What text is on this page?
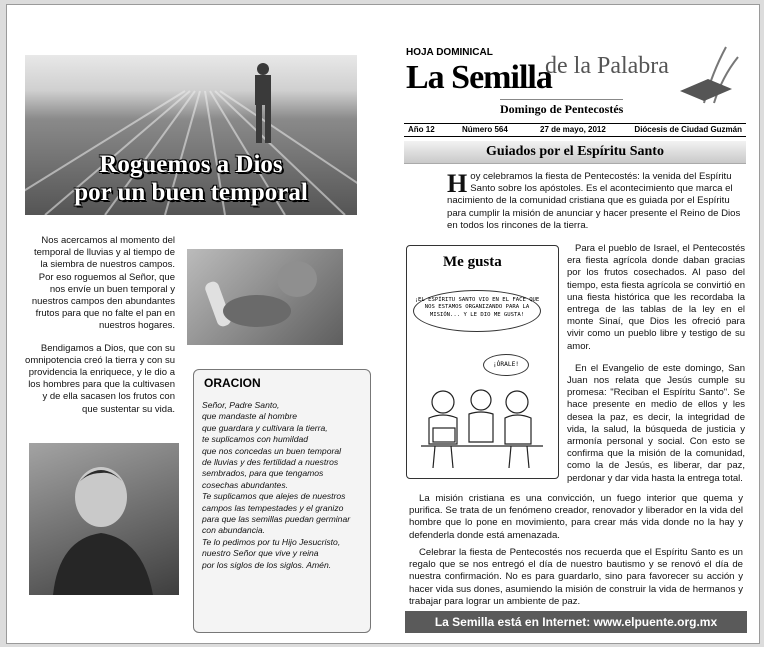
Roguemos a Dios
por un buen temporal

Nos acercamos al momento del temporal de lluvias y al tiempo de la siembra de nuestros campos. Por eso roguemos al Señor, que nos envíe un buen temporal y nuestros campos den abundantes frutos para que no falte el pan en nuestros hogares.

Bendigamos a Dios, que con su omnipotencia creó la tierra y con su providencia la enriquece, y le dio a los hombres para que la cultivasen y de ella sacasen los frutos con que sustentar su vida.

ORACION
Señor, Padre Santo,
que mandaste al hombre
que guardara y cultivara la tierra,
te suplicamos con humildad
que nos concedas un buen temporal
de lluvias y des fertilidad a nuestros
sembrados, para que tengamos
cosechas abundantes.
Te suplicamos que alejes de nuestros
campos las tempestades y el granizo
para que las semillas puedan germinar
con abundancia.
Te lo pedimos por tu Hijo Jesucristo,
nuestro Señor que vive y reina
por los siglos de los siglos. Amén.
HOJA DOMINICAL
La Semilla
de la Palabra
Domingo de Pentecostés
Año 12	Número 564	27 de mayo, 2012	Diócesis de Ciudad Guzmán
Guiados por el Espíritu Santo
H oy celebramos la fiesta de Pentecostés: la venida del Espíritu Santo sobre los apóstoles. Es el acontecimiento que marca el nacimiento de la comunidad cristiana que es guiada por el Espíritu para cumplir la misión de anunciar y hacer presente el Reino de Dios en todos los rincones de la tierra.
Me gusta
¡EL ESPÍRITU SANTO VIO EN EL FACE QUE NOS ESTAMOS ORGANIZANDO PARA LA MISIÓN... Y LE DIO ME GUSTA!
¡ÓRALE!

Para el pueblo de Israel, el Pentecostés era fiesta agrícola donde daban gracias por los frutos cosechados. Al paso del tiempo, esta fiesta agrícola se convirtió en una fiesta histórica que les recordaba la entrega de las tablas de la ley en el monte Sinaí, que Dios les ofreció para vivir como un pueblo libre y testigo de su amor.

En el Evangelio de este domingo, San Juan nos relata que Jesús cumple su promesa: "Reciban el Espíritu Santo". Se hace presente en medio de ellos y les desea la paz, es decir, la integridad de vida, la salud, la búsqueda de justicia y armonía personal y social. Con esto se confirma que la misión de la comunidad, como la de Jesús, es liberar, dar paz, perdonar y dar vida hasta la entrega total.

La misión cristiana es una convicción, un fuego interior que quema y purifica. Se trata de un fenómeno creador, renovador y liberador en la vida del hombre que lo pone en movimiento, para crear más vida donde no la hay y defenderla donde está amenazada.

Celebrar la fiesta de Pentecostés nos recuerda que el Espíritu Santo es un regalo que se nos entregó el día de nuestro bautismo y se renovó el día de nuestra confirmación. No es para guardarlo, sino para favorecer su acción y hacer vida sus dones, asumiendo la misión de construir la vida de hermanos y trabajar para lograr un ambiente de paz.

La Semilla está en Internet: www.elpuente.org.mx
